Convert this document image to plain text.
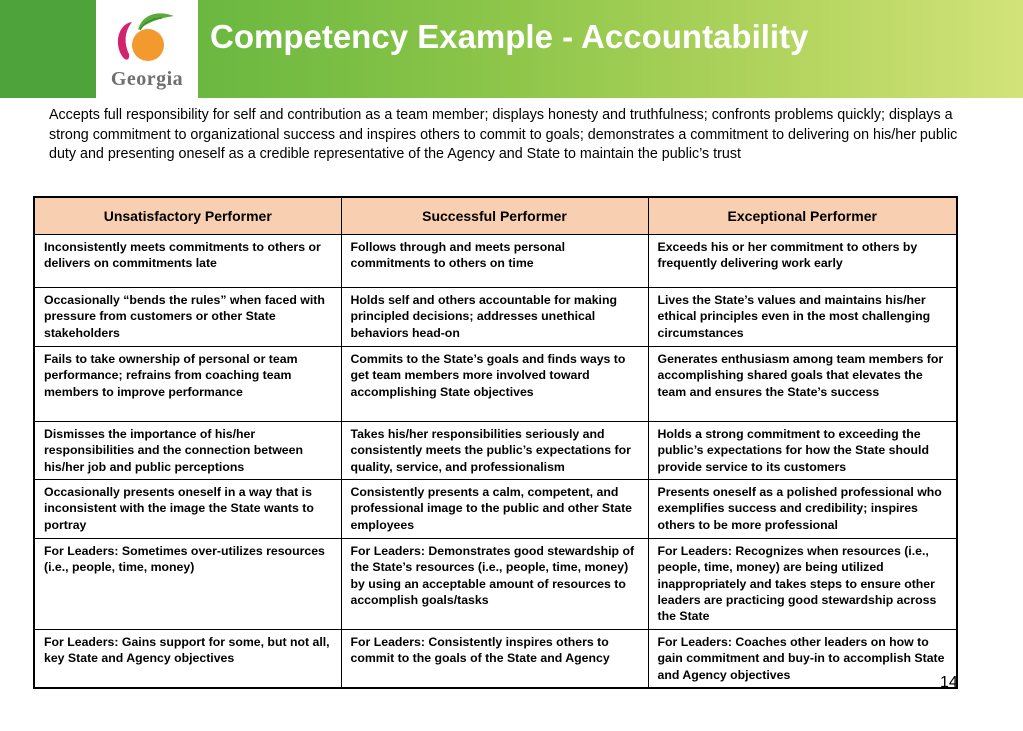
Georgia
Competency Example - Accountability
Accepts full responsibility for self and contribution as a team member; displays honesty and truthfulness; confronts problems quickly; displays a strong commitment to organizational success and inspires others to commit to goals; demonstrates a commitment to delivering on his/her public duty and presenting oneself as a credible representative of the Agency and State to maintain the public’s trust
Unsatisfactory Performer	Successful Performer	Exceptional Performer
Inconsistently meets commitments to others or delivers on commitments late	Follows through and meets personal commitments to others on time	Exceeds his or her commitment to others by frequently delivering work early
Occasionally “bends the rules” when faced with pressure from customers or other State stakeholders	Holds self and others accountable for making principled decisions; addresses unethical behaviors head-on	Lives the State’s values and maintains his/her ethical principles even in the most challenging circumstances
Fails to take ownership of personal or team performance; refrains from coaching team members to improve performance	Commits to the State’s goals and finds ways to get team members more involved toward accomplishing State objectives	Generates enthusiasm among team members for accomplishing shared goals that elevates the team and ensures the State’s success
Dismisses the importance of his/her responsibilities and the connection between his/her job and public perceptions	Takes his/her responsibilities seriously and consistently meets the public’s expectations for quality, service, and professionalism	Holds a strong commitment to exceeding the public’s expectations for how the State should provide service to its customers
Occasionally presents oneself in a way that is inconsistent with the image the State wants to portray	Consistently presents a calm, competent, and professional image to the public and other State employees	Presents oneself as a polished professional who exemplifies success and credibility; inspires others to be more professional
For Leaders: Sometimes over-utilizes resources (i.e., people, time, money)	For Leaders: Demonstrates good stewardship of the State’s resources (i.e., people, time, money) by using an acceptable amount of resources to accomplish goals/tasks	For Leaders: Recognizes when resources (i.e., people, time, money) are being utilized inappropriately and takes steps to ensure other leaders are practicing good stewardship across the State
For Leaders: Gains support for some, but not all, key State and Agency objectives	For Leaders: Consistently inspires others to commit to the goals of the State and Agency	For Leaders: Coaches other leaders on how to gain commitment and buy-in to accomplish State and Agency objectives	14
